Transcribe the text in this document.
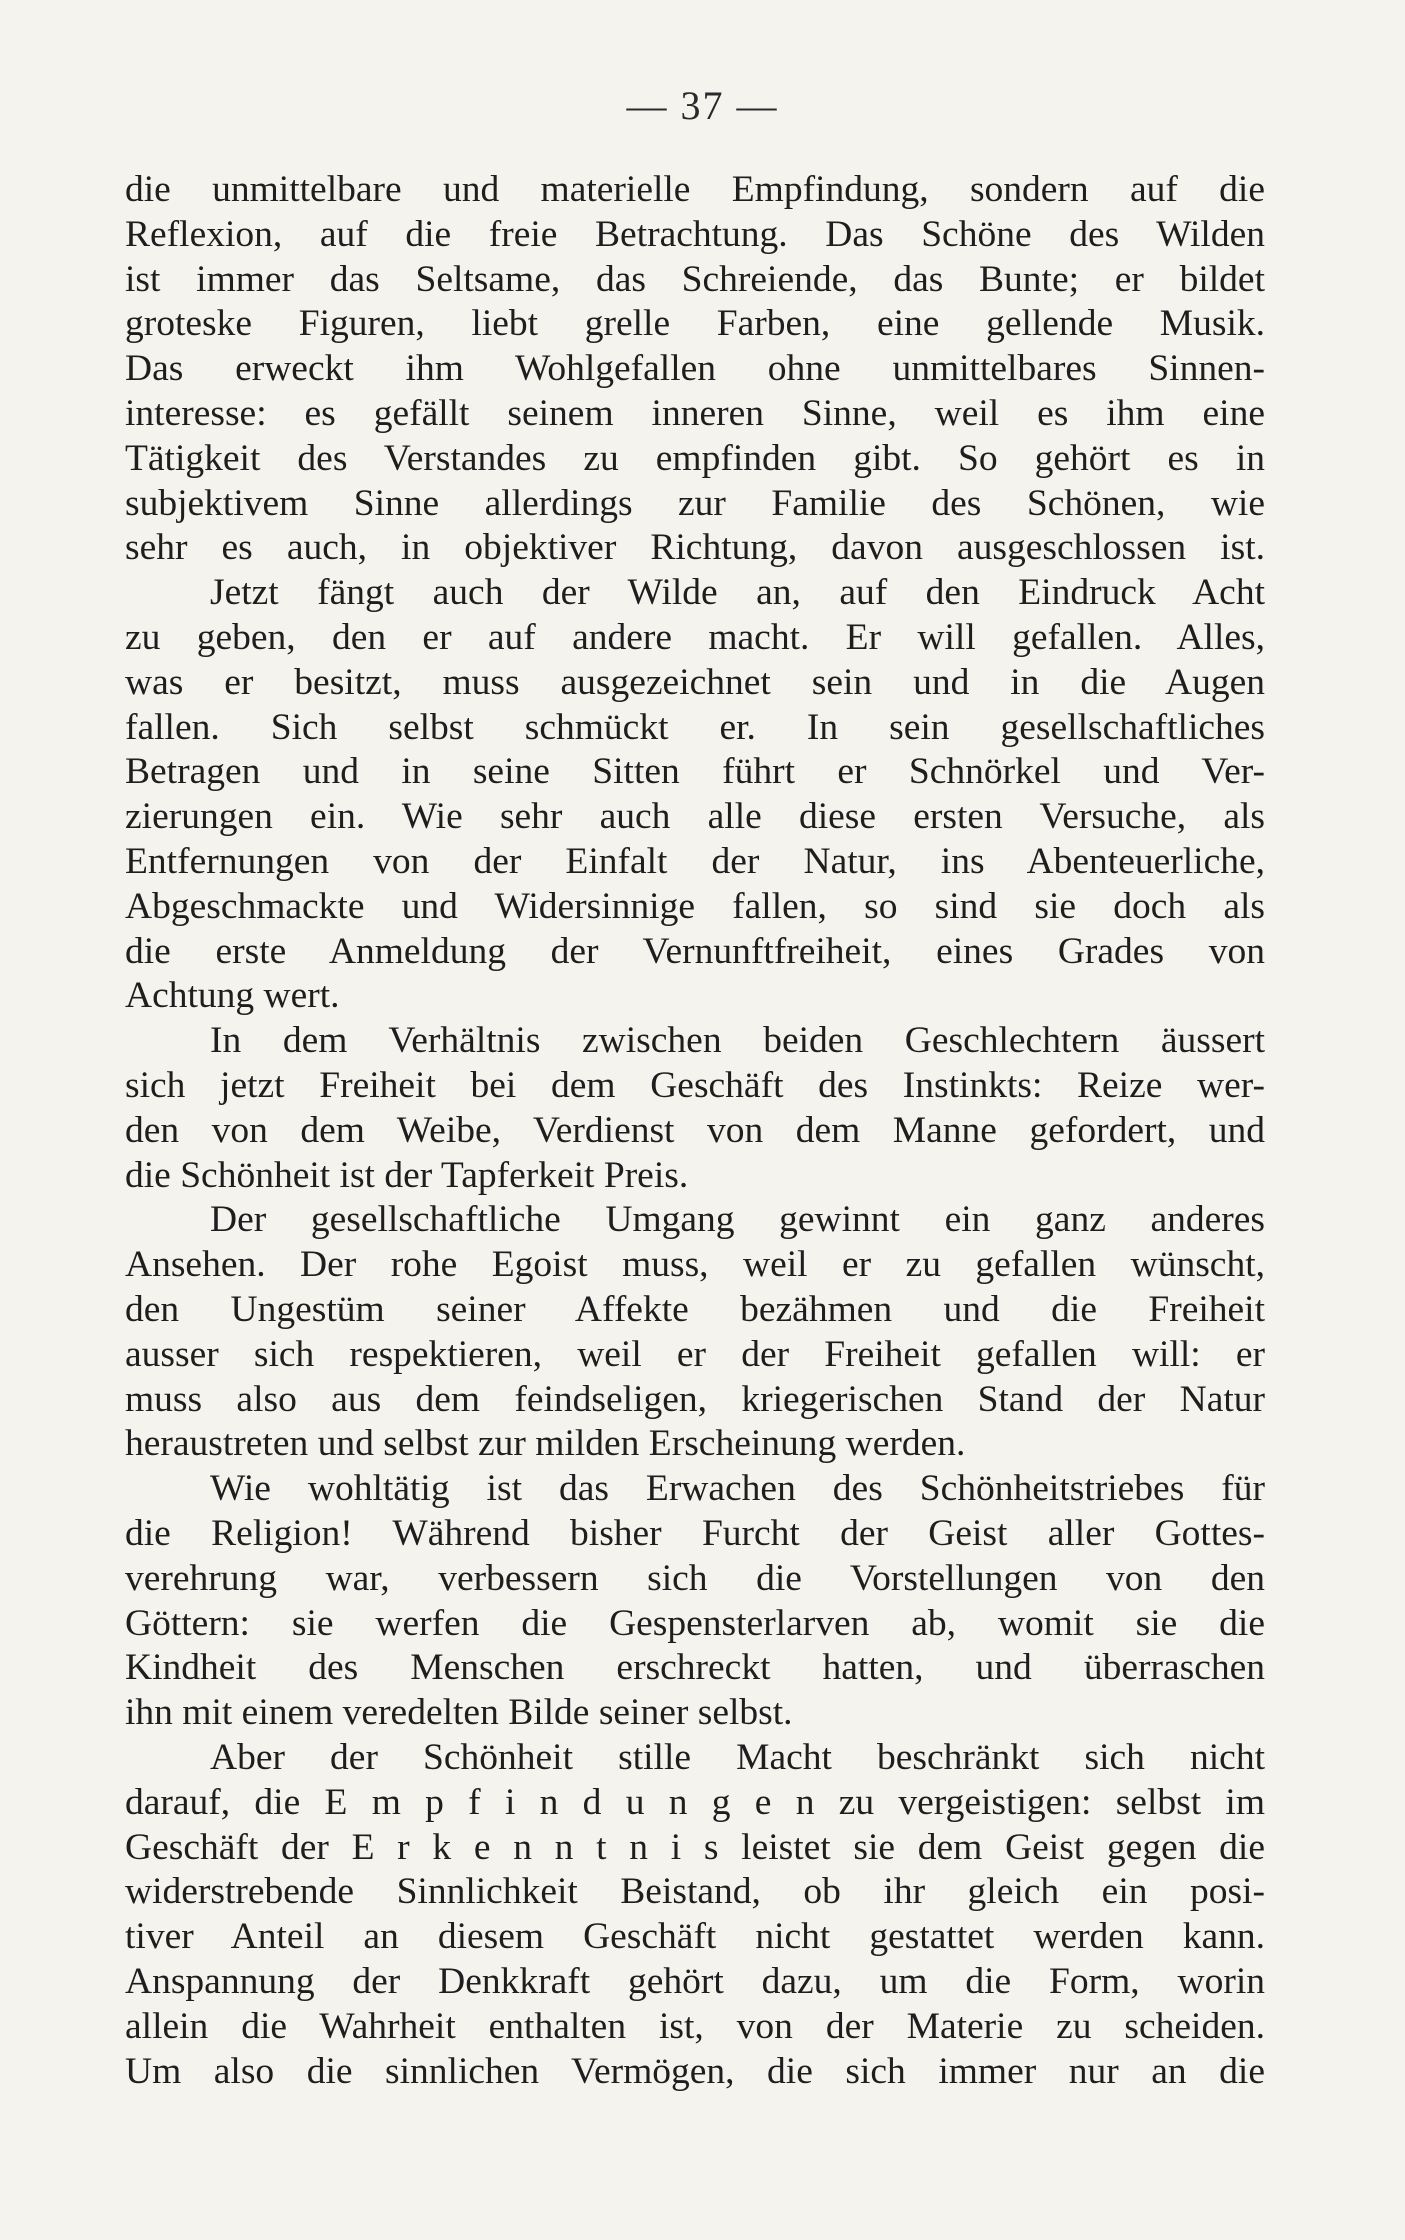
— 37 —
die unmittelbare und materielle Empfindung, sondern auf die
Reflexion, auf die freie Betrachtung. Das Schöne des Wilden
ist immer das Seltsame, das Schreiende, das Bunte; er bildet
groteske Figuren, liebt grelle Farben, eine gellende Musik.
Das erweckt ihm Wohlgefallen ohne unmittelbares Sinnen-
interesse: es gefällt seinem inneren Sinne, weil es ihm eine
Tätigkeit des Verstandes zu empfinden gibt. So gehört es in
subjektivem Sinne allerdings zur Familie des Schönen, wie
sehr es auch, in objektiver Richtung, davon ausgeschlossen ist.
Jetzt fängt auch der Wilde an, auf den Eindruck Acht
zu geben, den er auf andere macht. Er will gefallen. Alles,
was er besitzt, muss ausgezeichnet sein und in die Augen
fallen. Sich selbst schmückt er. In sein gesellschaftliches
Betragen und in seine Sitten führt er Schnörkel und Ver-
zierungen ein. Wie sehr auch alle diese ersten Versuche, als
Entfernungen von der Einfalt der Natur, ins Abenteuerliche,
Abgeschmackte und Widersinnige fallen, so sind sie doch als
die erste Anmeldung der Vernunftfreiheit, eines Grades von
Achtung wert.
In dem Verhältnis zwischen beiden Geschlechtern äussert
sich jetzt Freiheit bei dem Geschäft des Instinkts: Reize wer-
den von dem Weibe, Verdienst von dem Manne gefordert, und
die Schönheit ist der Tapferkeit Preis.
Der gesellschaftliche Umgang gewinnt ein ganz anderes
Ansehen. Der rohe Egoist muss, weil er zu gefallen wünscht,
den Ungestüm seiner Affekte bezähmen und die Freiheit
ausser sich respektieren, weil er der Freiheit gefallen will: er
muss also aus dem feindseligen, kriegerischen Stand der Natur
heraustreten und selbst zur milden Erscheinung werden.
Wie wohltätig ist das Erwachen des Schönheitstriebes für
die Religion! Während bisher Furcht der Geist aller Gottes-
verehrung war, verbessern sich die Vorstellungen von den
Göttern: sie werfen die Gespensterlarven ab, womit sie die
Kindheit des Menschen erschreckt hatten, und überraschen
ihn mit einem veredelten Bilde seiner selbst.
Aber der Schönheit stille Macht beschränkt sich nicht
darauf, die E m p f i n d u n g e n zu vergeistigen: selbst im
Geschäft der E r k e n n t n i s leistet sie dem Geist gegen die
widerstrebende Sinnlichkeit Beistand, ob ihr gleich ein posi-
tiver Anteil an diesem Geschäft nicht gestattet werden kann.
Anspannung der Denkkraft gehört dazu, um die Form, worin
allein die Wahrheit enthalten ist, von der Materie zu scheiden.
Um also die sinnlichen Vermögen, die sich immer nur an die
